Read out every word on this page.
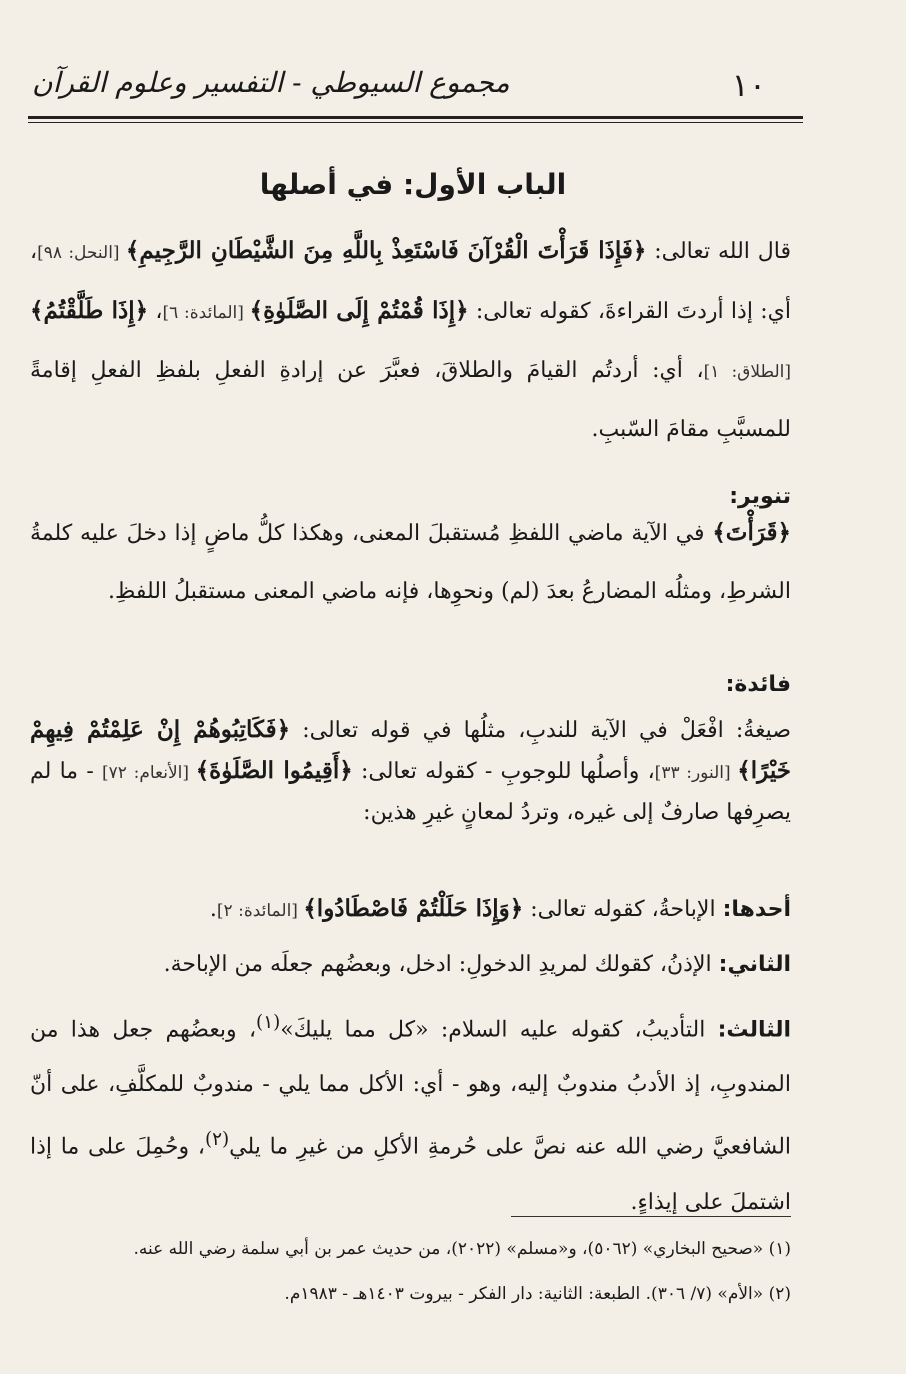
١٠
مجموع السيوطي - التفسير وعلوم القرآن
الباب الأول: في أصلها
قال الله تعالى: ﴿فَإِذَا قَرَأْتَ الْقُرْآنَ فَاسْتَعِذْ بِاللَّهِ مِنَ الشَّيْطَانِ الرَّجِيمِ﴾ [النحل: ٩٨]، أي: إذا أردتَ القراءةَ، كقوله تعالى: ﴿إِذَا قُمْتُمْ إِلَى الصَّلَوٰةِ﴾ [المائدة: ٦]، ﴿إِذَا طَلَّقْتُمُ﴾ [الطلاق: ١]، أي: أردتُم القيامَ والطلاقَ، فعبَّرَ عن إرادةِ الفعلِ بلفظِ الفعلِ إقامةً للمسبَّبِ مقامَ السّببِ.
تنوير:
﴿قَرَأْتَ﴾ في الآية ماضي اللفظِ مُستقبلَ المعنى، وهكذا كلُّ ماضٍ إذا دخلَ عليه كلمةُ الشرطِ، ومثلُه المضارعُ بعدَ (لم) ونحوِها، فإنه ماضي المعنى مستقبلُ اللفظِ.
فائدة:
صيغةُ: افْعَلْ في الآية للندبِ، مثلُها في قوله تعالى: ﴿فَكَاتِبُوهُمْ إِنْ عَلِمْتُمْ فِيهِمْ خَيْرًا﴾ [النور: ٣٣]، وأصلُها للوجوبِ - كقوله تعالى: ﴿أَقِيمُوا الصَّلَوٰةَ﴾ [الأنعام: ٧٢] - ما لم يصرِفها صارفٌ إلى غيره، وتردُ لمعانٍ غيرِ هذين:
أحدها: الإباحةُ، كقوله تعالى: ﴿وَإِذَا حَلَلْتُمْ فَاصْطَادُوا﴾ [المائدة: ٢].
الثاني: الإذنُ، كقولك لمريدِ الدخولِ: ادخل، وبعضُهم جعلَه من الإباحة.
الثالث: التأديبُ، كقوله عليه السلام: «كل مما يليكَ»$^{(١)}$، وبعضُهم جعل هذا من المندوبِ، إذ الأدبُ مندوبٌ إليه، وهو - أي: الأكل مما يلي - مندوبٌ للمكلَّفِ، على أنّ الشافعيَّ رضي الله عنه نصَّ على حُرمةِ الأكلِ من غيرِ ما يلي$^{(٢)}$، وحُمِلَ على ما إذا اشتملَ على إيذاءٍ.
(١) «صحيح البخاري» (٥٠٦٢)، و«مسلم» (٢٠٢٢)، من حديث عمر بن أبي سلمة رضي الله عنه.
(٢) «الأم» (٧/ ٣٠٦). الطبعة: الثانية: دار الفكر - بيروت ١٤٠٣هـ - ١٩٨٣م.
